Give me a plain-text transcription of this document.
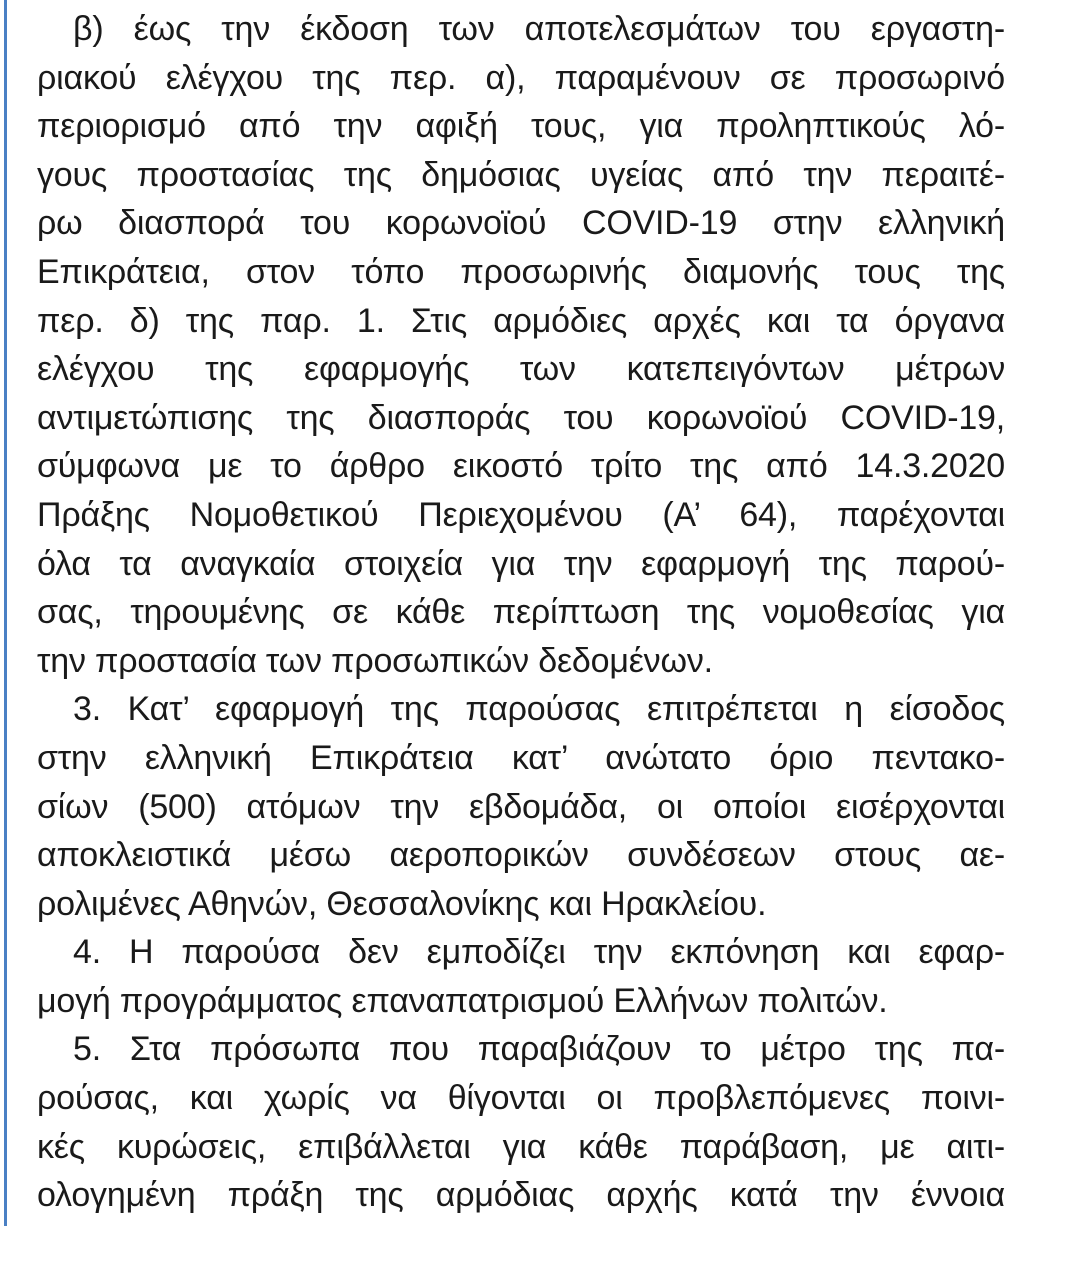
β) έως την έκδοση των αποτελεσμάτων του εργαστη-
ριακού ελέγχου της περ. α), παραμένουν σε προσωρινό
περιορισμό από την αφιξή τους, για προληπτικούς λό-
γους προστασίας της δημόσιας υγείας από την περαιτέ-
ρω διασπορά του κορωνοϊού COVID-19 στην ελληνική
Επικράτεια, στον τόπο προσωρινής διαμονής τους της
περ. δ) της παρ. 1. Στις αρμόδιες αρχές και τα όργανα
ελέγχου της εφαρμογής των κατεπειγόντων μέτρων
αντιμετώπισης της διασποράς του κορωνοϊού COVID-19,
σύμφωνα με το άρθρο εικοστό τρίτο της από 14.3.2020
Πράξης Νομοθετικού Περιεχομένου (Α’ 64), παρέχονται
όλα τα αναγκαία στοιχεία για την εφαρμογή της παρού-
σας, τηρουμένης σε κάθε περίπτωση της νομοθεσίας για
την προστασία των προσωπικών δεδομένων.
3. Κατ’ εφαρμογή της παρούσας επιτρέπεται η είσοδος
στην ελληνική Επικράτεια κατ’ ανώτατο όριο πεντακο-
σίων (500) ατόμων την εβδομάδα, οι οποίοι εισέρχονται
αποκλειστικά μέσω αεροπορικών συνδέσεων στους αε-
ρολιμένες Αθηνών, Θεσσαλονίκης και Ηρακλείου.
4. Η παρούσα δεν εμποδίζει την εκπόνηση και εφαρ-
μογή προγράμματος επαναπατρισμού Ελλήνων πολιτών.
5. Στα πρόσωπα που παραβιάζουν το μέτρο της πα-
ρούσας, και χωρίς να θίγονται οι προβλεπόμενες ποινι-
κές κυρώσεις, επιβάλλεται για κάθε παράβαση, με αιτι-
ολογημένη πράξη της αρμόδιας αρχής κατά την έννοια
